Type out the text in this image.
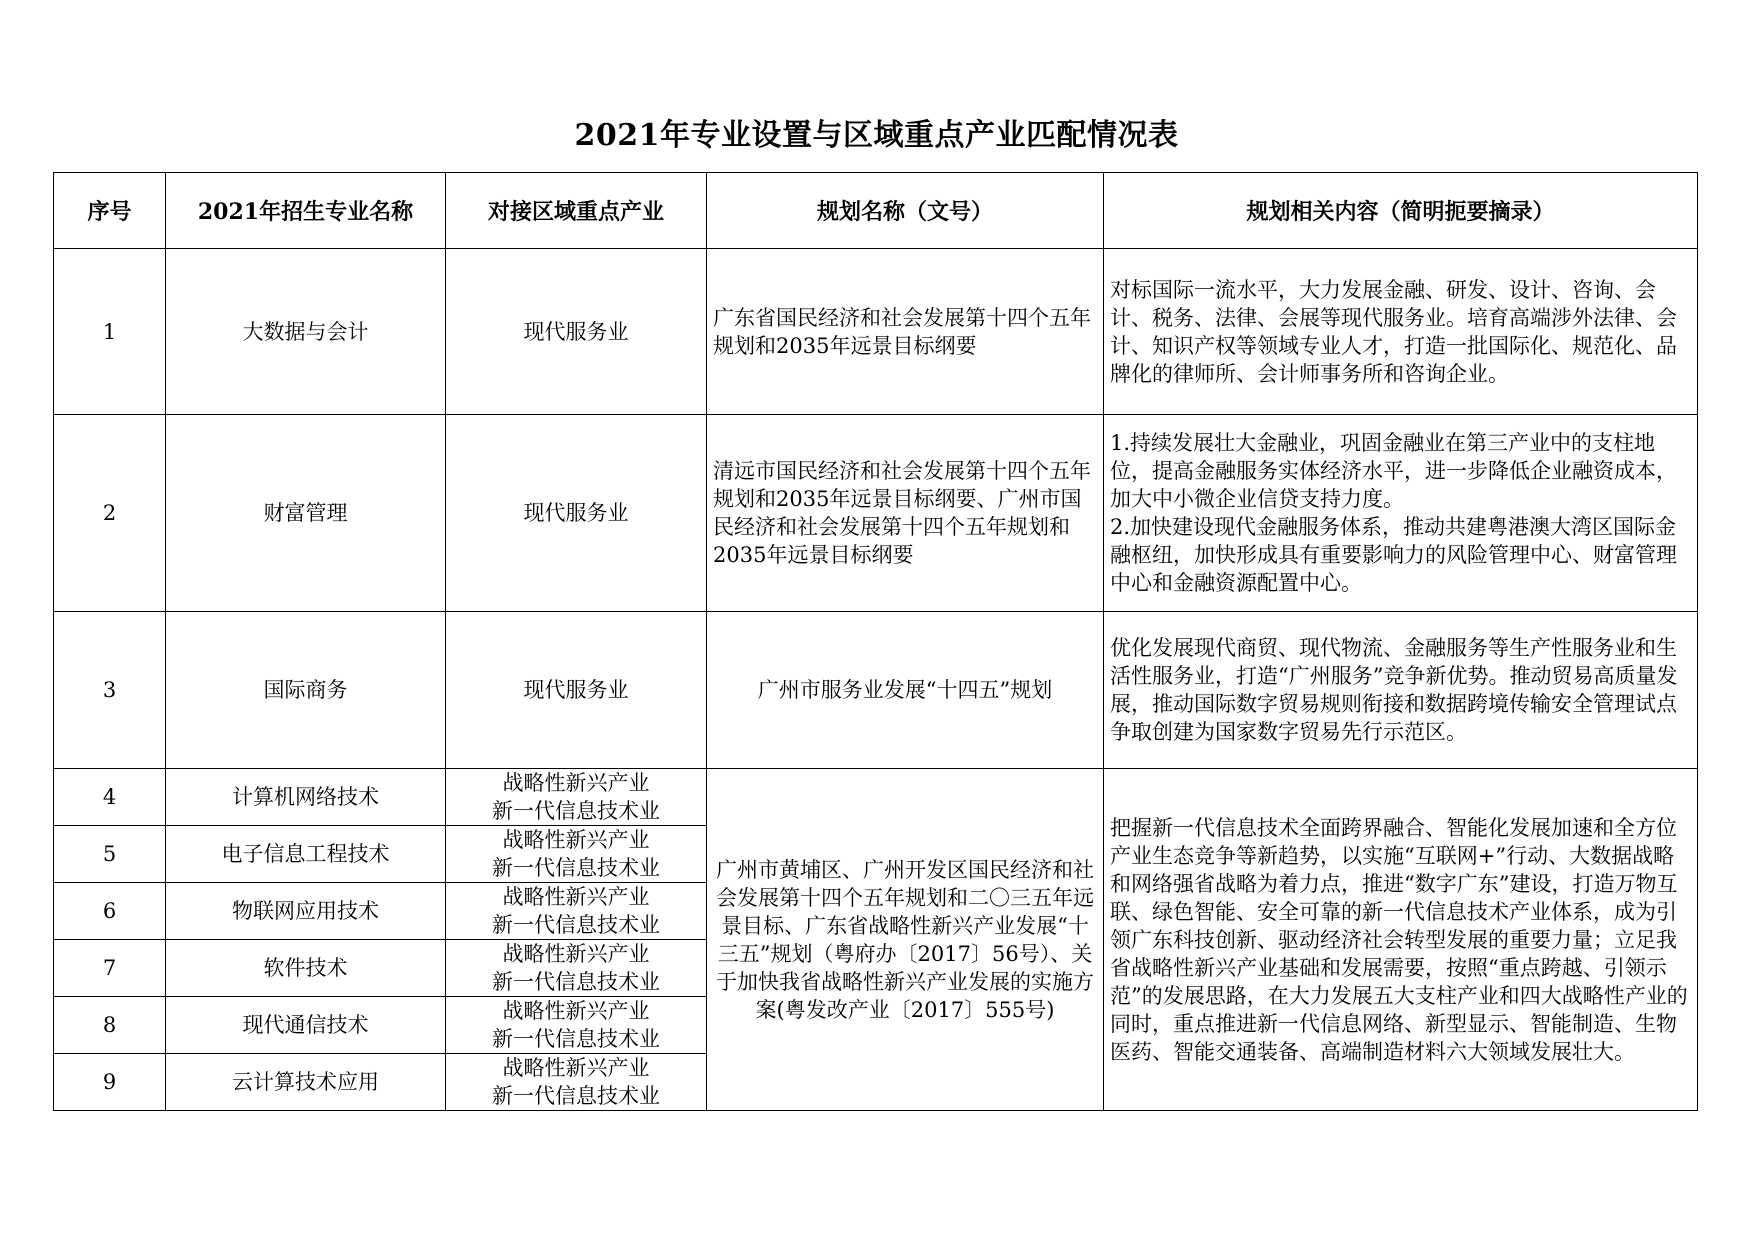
2021年专业设置与区域重点产业匹配情况表
序号	2021年招生专业名称	对接区域重点产业	规划名称（文号）	规划相关内容（简明扼要摘录）
1	大数据与会计	现代服务业	广东省国民经济和社会发展第十四个五年规划和2035年远景目标纲要	对标国际一流水平，大力发展金融、研发、设计、咨询、会计、税务、法律、会展等现代服务业。培育高端涉外法律、会计、知识产权等领域专业人才，打造一批国际化、规范化、品牌化的律师所、会计师事务所和咨询企业。
2	财富管理	现代服务业	清远市国民经济和社会发展第十四个五年规划和2035年远景目标纲要、广州市国民经济和社会发展第十四个五年规划和2035年远景目标纲要	1.持续发展壮大金融业，巩固金融业在第三产业中的支柱地位，提高金融服务实体经济水平，进一步降低企业融资成本，加大中小微企业信贷支持力度。
2.加快建设现代金融服务体系，推动共建粤港澳大湾区国际金融枢纽，加快形成具有重要影响力的风险管理中心、财富管理中心和金融资源配置中心。

3	国际商务	现代服务业	广州市服务业发展“十四五”规划	优化发展现代商贸、现代物流、金融服务等生产性服务业和生活性服务业，打造“广州服务”竞争新优势。推动贸易高质量发展，推动国际数字贸易规则衔接和数据跨境传输安全管理试点争取创建为国家数字贸易先行示范区。
4	计算机网络技术	战略性新兴产业
新一代信息技术业	广州市黄埔区、广州开发区国民经济和社会发展第十四个五年规划和二〇三五年远景目标、广东省战略性新兴产业发展“十三五”规划（粤府办〔2017〕56号）、关于加快我省战略性新兴产业发展的实施方案(粤发改产业〔2017〕555号)	把握新一代信息技术全面跨界融合、智能化发展加速和全方位产业生态竞争等新趋势，以实施“互联网+”行动、大数据战略和网络强省战略为着力点，推进“数字广东”建设，打造万物互联、绿色智能、安全可靠的新一代信息技术产业体系，成为引领广东科技创新、驱动经济社会转型发展的重要力量；立足我省战略性新兴产业基础和发展需要，按照“重点跨越、引领示范”的发展思路，在大力发展五大支柱产业和四大战略性产业的同时，重点推进新一代信息网络、新型显示、智能制造、生物医药、智能交通装备、高端制造材料六大领域发展壮大。
5	电子信息工程技术	战略性新兴产业
新一代信息技术业		

6	物联网应用技术	战略性新兴产业
新一代信息技术业		

7	软件技术	战略性新兴产业
新一代信息技术业		

8	现代通信技术	战略性新兴产业
新一代信息技术业		

9	云计算技术应用	战略性新兴产业
新一代信息技术业		
